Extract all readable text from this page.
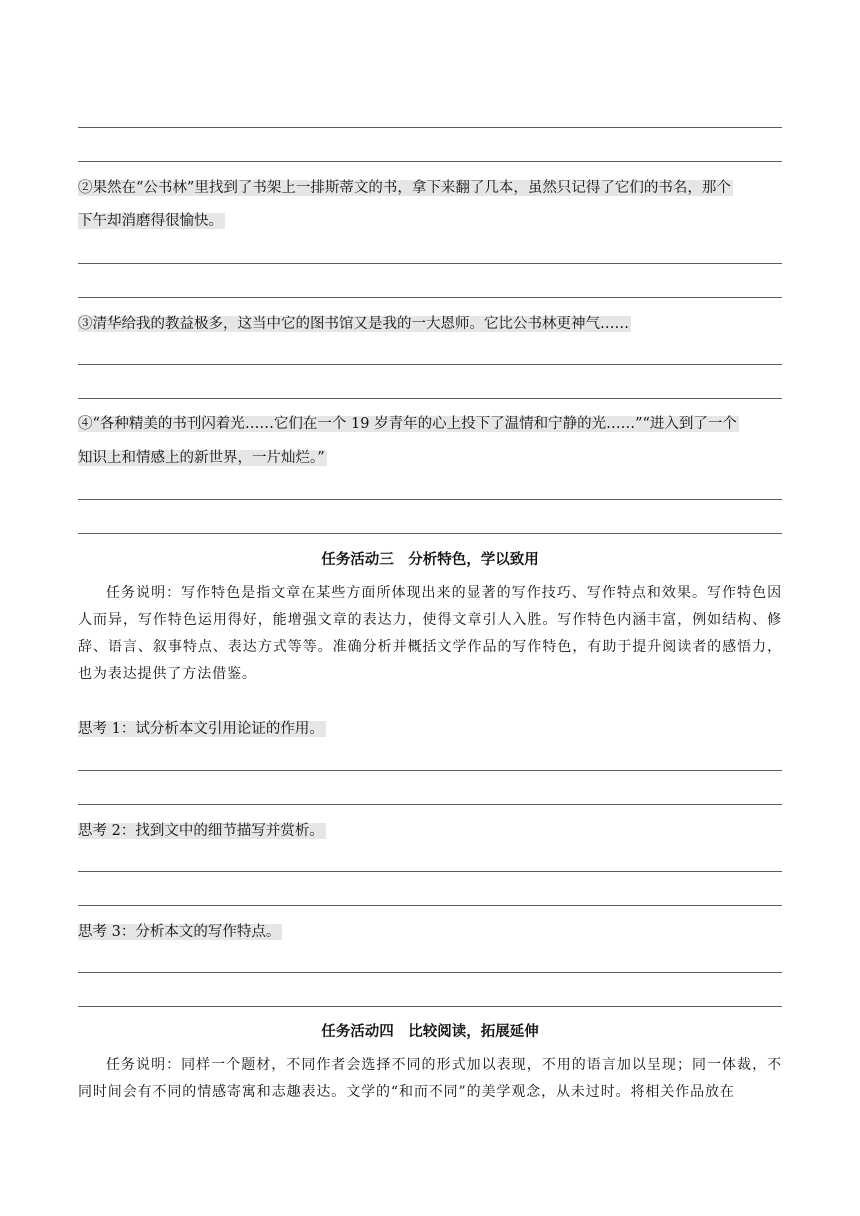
②果然在“公书林”里找到了书架上一排斯蒂文的书，拿下来翻了几本，虽然只记得了它们的书名，那个
下午却消磨得很愉快。
③清华给我的教益极多，这当中它的图书馆又是我的一大恩师。它比公书林更神气……
④“各种精美的书刊闪着光……它们在一个 19 岁青年的心上投下了温情和宁静的光……”“进入到了一个
知识上和情感上的新世界，一片灿烂。”
任务活动三　分析特色，学以致用

任务说明：写作特色是指文章在某些方面所体现出来的显著的写作技巧、写作特点和效果。写作特色因人而异，写作特色运用得好，能增强文章的表达力，使得文章引人入胜。写作特色内涵丰富，例如结构、修辞、语言、叙事特点、表达方式等等。准确分析并概括文学作品的写作特色，有助于提升阅读者的感悟力，也为表达提供了方法借鉴。

思考 1：试分析本文引用论证的作用。
思考 2：找到文中的细节描写并赏析。
思考 3：分析本文的写作特点。
任务活动四　比较阅读，拓展延伸

任务说明：同样一个题材，不同作者会选择不同的形式加以表现，不用的语言加以呈现；同一体裁，不同时间会有不同的情感寄寓和志趣表达。文学的“和而不同”的美学观念，从未过时。将相关作品放在
